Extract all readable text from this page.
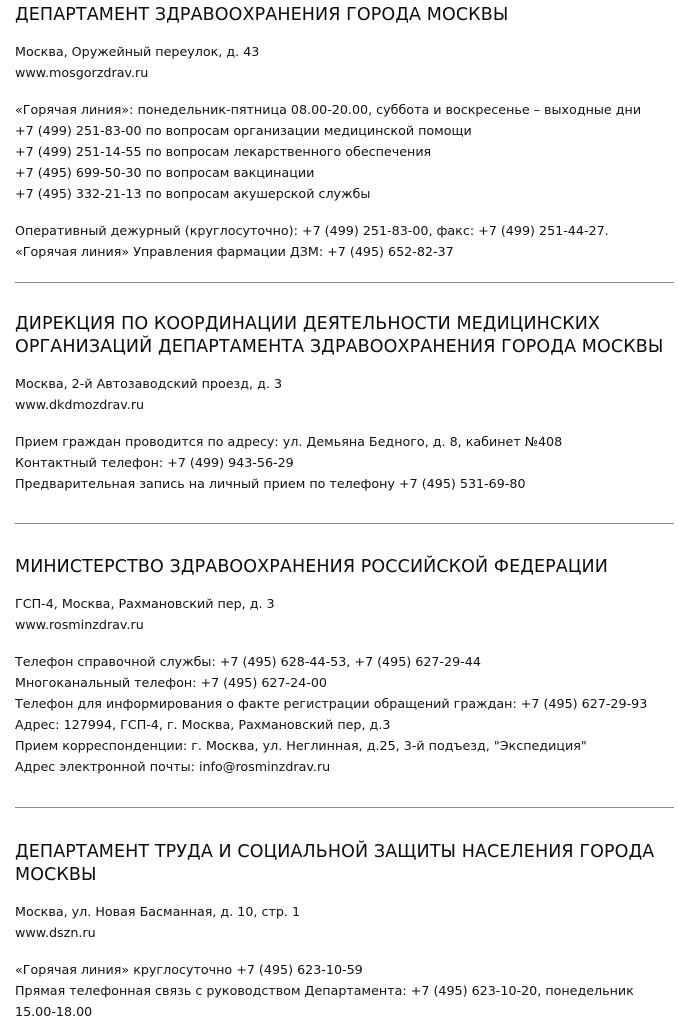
ДЕПАРТАМЕНТ ЗДРАВООХРАНЕНИЯ ГОРОДА МОСКВЫ
Москва, Оружейный переулок, д. 43
www.mosgorzdrav.ru
«Горячая линия»: понедельник-пятница 08.00-20.00, суббота и воскресенье – выходные дни
+7 (499) 251-83-00 по вопросам организации медицинской помощи
+7 (499) 251-14-55 по вопросам лекарственного обеспечения
+7 (495) 699-50-30 по вопросам вакцинации
+7 (495) 332-21-13 по вопросам акушерской службы
Оперативный дежурный (круглосуточно): +7 (499) 251-83-00, факс: +7 (499) 251-44-27.
«Горячая линия» Управления фармации ДЗМ: +7 (495) 652-82-37
ДИРЕКЦИЯ ПО КООРДИНАЦИИ ДЕЯТЕЛЬНОСТИ МЕДИЦИНСКИХ
ОРГАНИЗАЦИЙ ДЕПАРТАМЕНТА ЗДРАВООХРАНЕНИЯ ГОРОДА МОСКВЫ
Москва, 2-й Автозаводский проезд, д. 3
www.dkdmozdrav.ru
Прием граждан проводится по адресу: ул. Демьяна Бедного, д. 8, кабинет №408
Контактный телефон: +7 (499) 943-56-29
Предварительная запись на личный прием по телефону +7 (495) 531-69-80
МИНИСТЕРСТВО ЗДРАВООХРАНЕНИЯ РОССИЙСКОЙ ФЕДЕРАЦИИ
ГСП-4, Москва, Рахмановский пер, д. 3
www.rosminzdrav.ru
Телефон справочной службы: +7 (495) 628-44-53, +7 (495) 627-29-44
Многоканальный телефон: +7 (495) 627-24-00
Телефон для информирования о факте регистрации обращений граждан: +7 (495) 627-29-93
Адрес: 127994, ГСП-4, г. Москва, Рахмановский пер, д.3
Прием корреспонденции: г. Москва, ул. Неглинная, д.25, 3-й подъезд, "Экспедиция"
Адрес электронной почты: info@rosminzdrav.ru
ДЕПАРТАМЕНТ ТРУДА И СОЦИАЛЬНОЙ ЗАЩИТЫ НАСЕЛЕНИЯ ГОРОДА
МОСКВЫ
Москва, ул. Новая Басманная, д. 10, стр. 1
www.dszn.ru
«Горячая линия» круглосуточно +7 (495) 623-10-59
Прямая телефонная связь с руководством Департамента: +7 (495) 623-10-20, понедельник
15.00-18.00
